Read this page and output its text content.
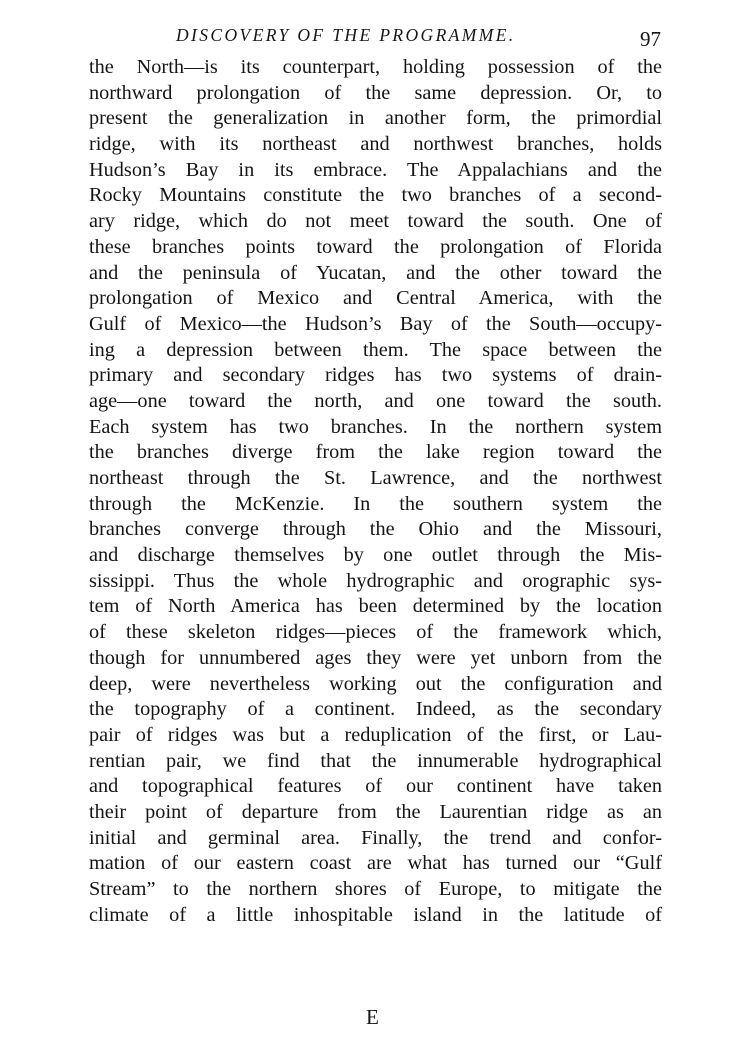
DISCOVERY OF THE PROGRAMME.	97
the North—is its counterpart, holding possession of the
northward prolongation of the same depression. Or, to
present the generalization in another form, the primordial
ridge, with its northeast and northwest branches, holds
Hudson’s Bay in its embrace. The Appalachians and the
Rocky Mountains constitute the two branches of a second-
ary ridge, which do not meet toward the south. One of
these branches points toward the prolongation of Florida
and the peninsula of Yucatan, and the other toward the
prolongation of Mexico and Central America, with the
Gulf of Mexico—the Hudson’s Bay of the South—occupy-
ing a depression between them. The space between the
primary and secondary ridges has two systems of drain-
age—one toward the north, and one toward the south.
Each system has two branches. In the northern system
the branches diverge from the lake region toward the
northeast through the St. Lawrence, and the northwest
through the McKenzie. In the southern system the
branches converge through the Ohio and the Missouri,
and discharge themselves by one outlet through the Mis-
sissippi. Thus the whole hydrographic and orographic sys-
tem of North America has been determined by the location
of these skeleton ridges—pieces of the framework which,
though for unnumbered ages they were yet unborn from the
deep, were nevertheless working out the configuration and
the topography of a continent. Indeed, as the secondary
pair of ridges was but a reduplication of the first, or Lau-
rentian pair, we find that the innumerable hydrographical
and topographical features of our continent have taken
their point of departure from the Laurentian ridge as an
initial and germinal area. Finally, the trend and confor-
mation of our eastern coast are what has turned our “Gulf
Stream” to the northern shores of Europe, to mitigate the
climate of a little inhospitable island in the latitude of
E
